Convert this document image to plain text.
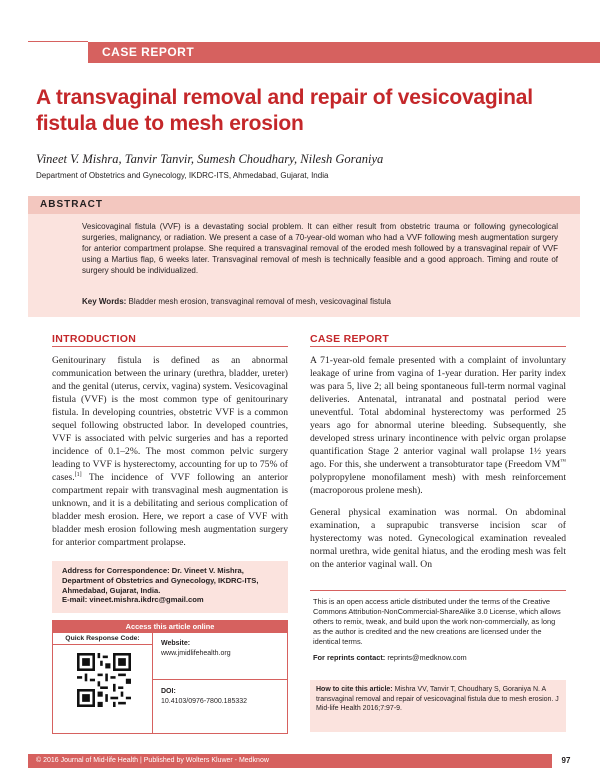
CASE REPORT
A transvaginal removal and repair of vesicovaginal fistula due to mesh erosion
Vineet V. Mishra, Tanvir Tanvir, Sumesh Choudhary, Nilesh Goraniya
Department of Obstetrics and Gynecology, IKDRC-ITS, Ahmedabad, Gujarat, India
ABSTRACT
Vesicovaginal fistula (VVF) is a devastating social problem. It can either result from obstetric trauma or following gynecological surgeries, malignancy, or radiation. We present a case of a 70-year-old woman who had a VVF following mesh augmentation surgery for anterior compartment prolapse. She required a transvaginal removal of the eroded mesh followed by a transvaginal repair of VVF using a Martius flap, 6 weeks later. Transvaginal removal of mesh is technically feasible and a good approach. Timing and route of surgery should be individualized.
Key Words: Bladder mesh erosion, transvaginal removal of mesh, vesicovaginal fistula
INTRODUCTION

Genitourinary fistula is defined as an abnormal communication between the urinary (urethra, bladder, ureter) and the genital (uterus, cervix, vagina) system. Vesicovaginal fistula (VVF) is the most common type of genitourinary fistula. In developing countries, obstetric VVF is a common sequel following obstructed labor. In developed countries, VVF is associated with pelvic surgeries and has a reported incidence of 0.1–2%. The most common pelvic surgery leading to VVF is hysterectomy, accounting for up to 75% of cases.[1] The incidence of VVF following an anterior compartment repair with transvaginal mesh augmentation is unknown, and it is a debilitating and serious complication of bladder mesh erosion. Here, we report a case of VVF with bladder mesh erosion following mesh augmentation surgery for anterior compartment prolapse.

Address for Correspondence: Dr. Vineet V. Mishra,
Department of Obstetrics and Gynecology, IKDRC-ITS,
Ahmedabad, Gujarat, India.
E-mail: vineet.mishra.ikdrc@gmail.com
Access this article online
Quick Response Code:
Website:
www.jmidlifehealth.org
DOI:
10.4103/0976-7800.185332
CASE REPORT

A 71-year-old female presented with a complaint of involuntary leakage of urine from vagina of 1-year duration. Her parity index was para 5, live 2; all being spontaneous full-term normal vaginal deliveries. Antenatal, intranatal and postnatal period were uneventful. Total abdominal hysterectomy was performed 25 years ago for abnormal uterine bleeding. Subsequently, she developed stress urinary incontinence with pelvic organ prolapse quantification Stage 2 anterior vaginal wall prolapse 1½ years ago. For this, she underwent a transobturator tape (Freedom VM™ polypropylene monofilament mesh) with mesh reinforcement (macroporous prolene mesh).

General physical examination was normal. On abdominal examination, a suprapubic transverse incision scar of hysterectomy was noted. Gynecological examination revealed normal urethra, wide genital hiatus, and the eroding mesh was felt on the anterior vaginal wall. On

This is an open access article distributed under the terms of the Creative Commons Attribution-NonCommercial-ShareAlike 3.0 License, which allows others to remix, tweak, and build upon the work non-commercially, as long as the author is credited and the new creations are licensed under the identical terms.
For reprints contact: reprints@medknow.com
How to cite this article: Mishra VV, Tanvir T, Choudhary S, Goraniya N. A transvaginal removal and repair of vesicovaginal fistula due to mesh erosion. J Mid-life Health 2016;7:97-9.
© 2016 Journal of Mid-life Health | Published by Wolters Kluwer - Medknow	97
